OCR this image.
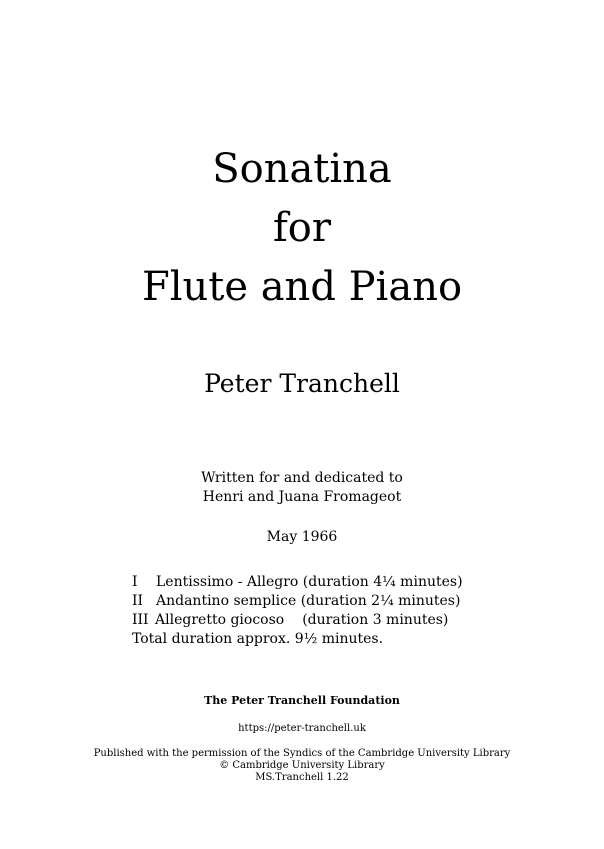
Sonatina
for
Flute and Piano
Peter Tranchell
Written for and dedicated to
Henri and Juana Fromageot
May 1966
I Lentissimo - Allegro (duration 4¼ minutes)
II Andantino semplice (duration 2¼ minutes)
III Allegretto giocoso (duration 3 minutes)
Total duration approx. 9½ minutes.
The Peter Tranchell Foundation
https://peter-tranchell.uk
Published with the permission of the Syndics of the Cambridge University Library
© Cambridge University Library
MS.Tranchell 1.22
